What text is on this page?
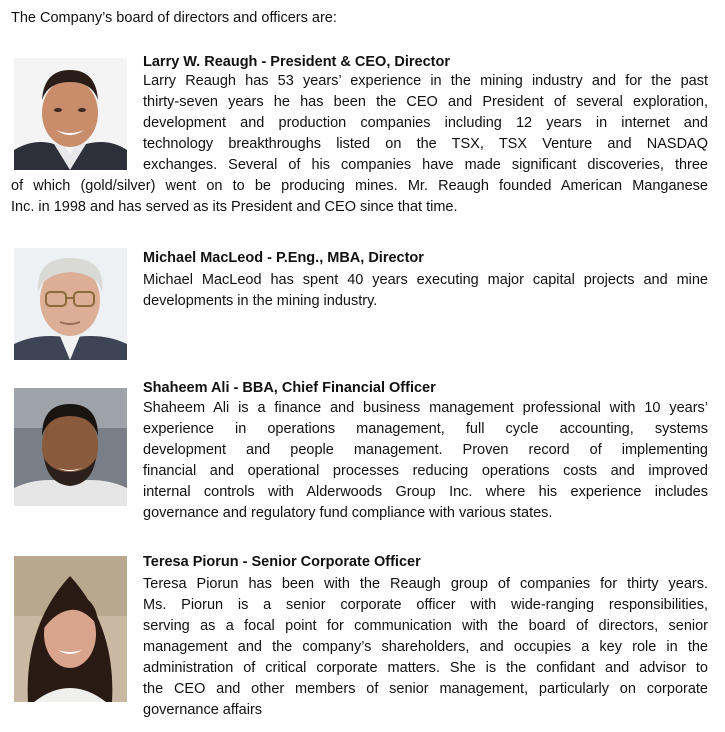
The Company’s board of directors and officers are:
Larry W. Reaugh - President & CEO, Director
Larry Reaugh has 53 years’ experience in the mining industry and for the past
thirty-seven years he has been the CEO and President of several exploration,
development and production companies including 12 years in internet and
technology breakthroughs listed on the TSX, TSX Venture and NASDAQ
exchanges. Several of his companies have made significant discoveries, three
of which (gold/silver) went on to be producing mines. Mr. Reaugh founded American Manganese
Inc. in 1998 and has served as its President and CEO since that time.
Michael MacLeod - P.Eng., MBA, Director
Michael MacLeod has spent 40 years executing major capital projects and mine
developments in the mining industry.
Shaheem Ali - BBA, Chief Financial Officer
Shaheem Ali is a finance and business management professional with 10 years’
experience in operations management, full cycle accounting, systems
development and people management. Proven record of implementing
financial and operational processes reducing operations costs and improved
internal controls with Alderwoods Group Inc. where his experience includes
governance and regulatory fund compliance with various states.
Teresa Piorun - Senior Corporate Officer
Teresa Piorun has been with the Reaugh group of companies for thirty years.
Ms. Piorun is a senior corporate officer with wide-ranging responsibilities,
serving as a focal point for communication with the board of directors, senior
management and the company’s shareholders, and occupies a key role in the
administration of critical corporate matters. She is the confidant and advisor to
the CEO and other members of senior management, particularly on corporate
governance affairs
